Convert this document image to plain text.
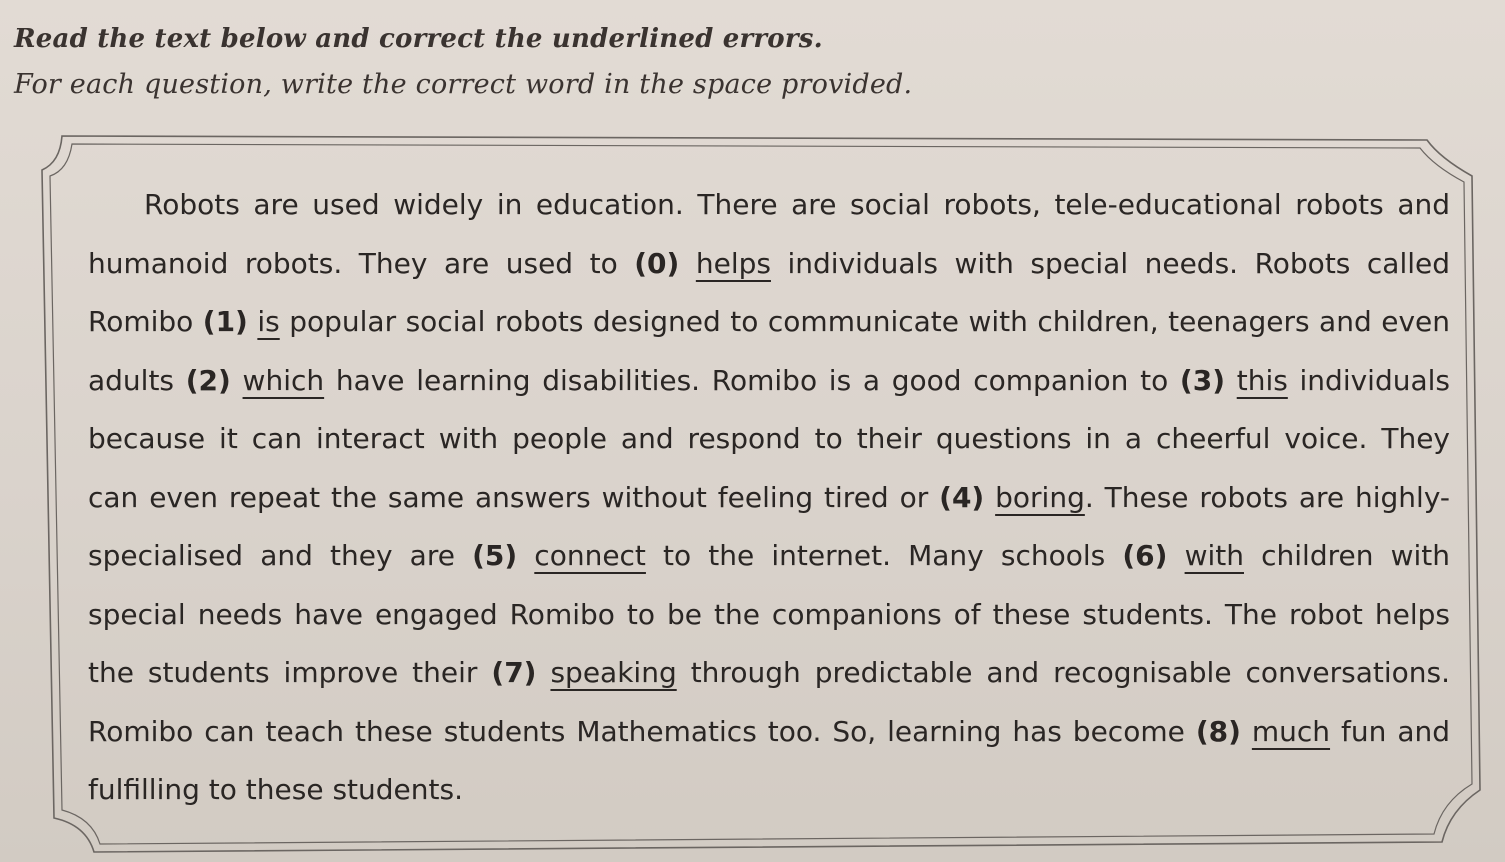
Read the text below and correct the underlined errors.
For each question, write the correct word in the space provided.
Robots are used widely in education. There are social robots, tele-educational robots and
humanoid robots. They are used to (0) helps individuals with special needs. Robots called
Romibo (1) is popular social robots designed to communicate with children, teenagers and even
adults (2) which have learning disabilities. Romibo is a good companion to (3) this individuals
because it can interact with people and respond to their questions in a cheerful voice. They
can even repeat the same answers without feeling tired or (4) boring. These robots are highly-
specialised and they are (5) connect to the internet. Many schools (6) with children with
special needs have engaged Romibo to be the companions of these students. The robot helps
the students improve their (7) speaking through predictable and recognisable conversations.
Romibo can teach these students Mathematics too. So, learning has become (8) much fun and
fulfilling to these students.
